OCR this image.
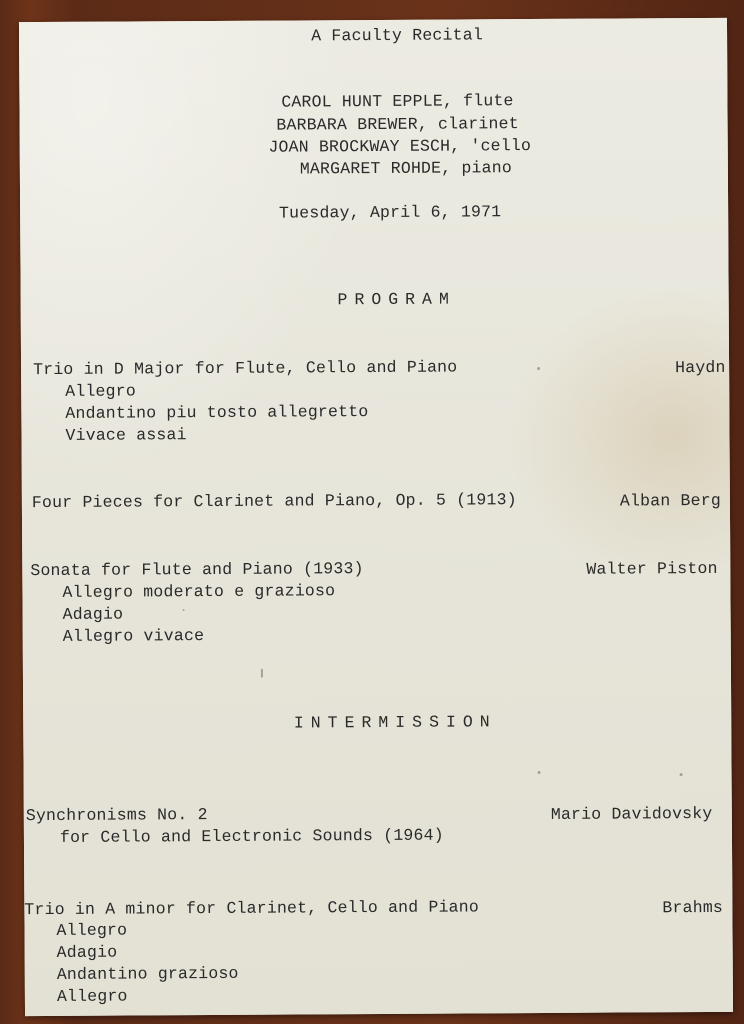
A Faculty Recital
CAROL HUNT EPPLE, flute
BARBARA BREWER, clarinet
JOAN BROCKWAY ESCH, 'cello
MARGARET ROHDE, piano
Tuesday, April 6, 1971
PROGRAM
Trio in D Major for Flute, Cello and Piano	Haydn
Allegro
Andantino piu tosto allegretto
Vivace assai
Four Pieces for Clarinet and Piano, Op. 5 (1913)	Alban Berg
Sonata for Flute and Piano (1933)	Walter Piston
Allegro moderato e grazioso
Adagio
Allegro vivace
INTERMISSION
Synchronisms No. 2	Mario Davidovsky
for Cello and Electronic Sounds (1964)
Trio in A minor for Clarinet, Cello and Piano	Brahms
Allegro
Adagio
Andantino grazioso
Allegro
